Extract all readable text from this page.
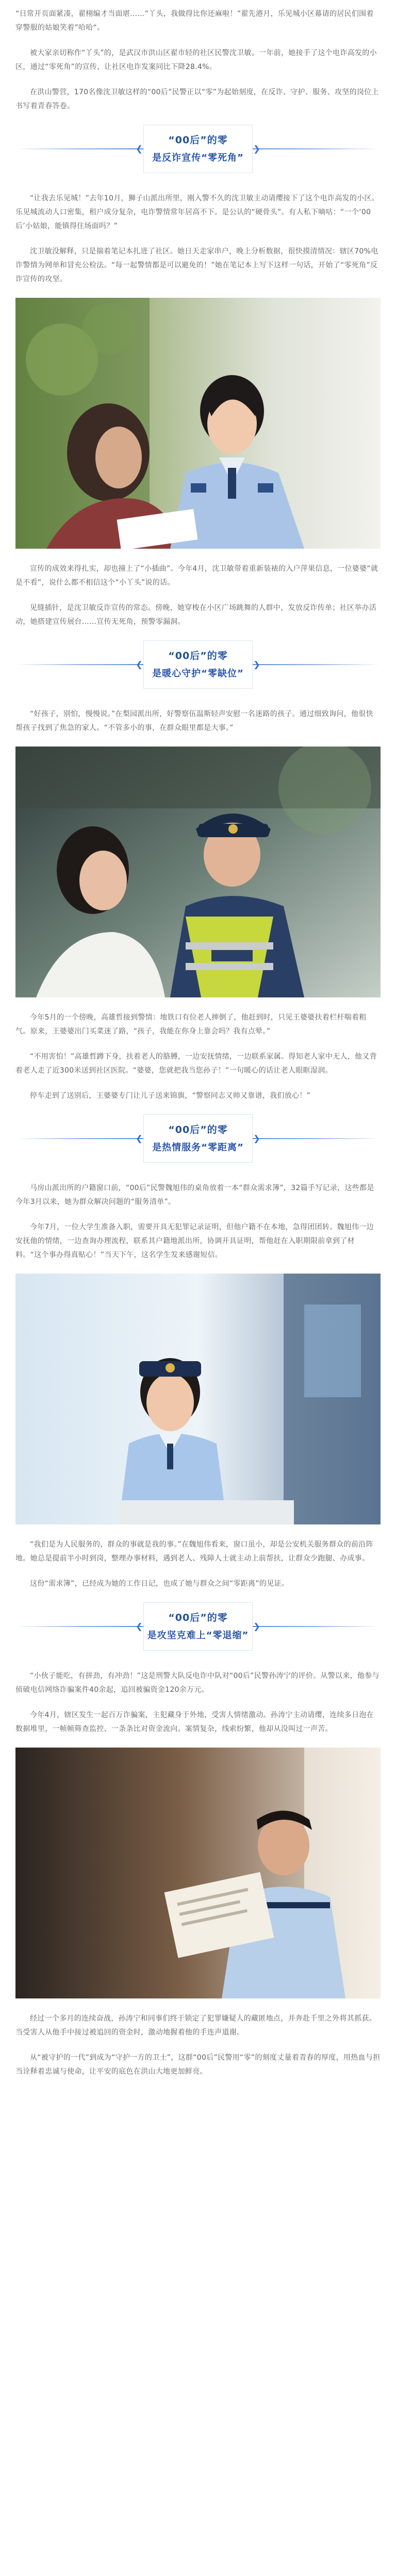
“日常开页面紧凑，翟栩编才当面堪……”丫头，我做得比你还麻啦！”翟先港月，乐见城小区幕请的居民们围着穿警服的姑娘笑着”哈哈“。

被大家亲切称作“丫头”的，是武汉市洪山区翟市轻的社区民警沈卫敏。一年前，她接手了这个电诈高发的小区，通过“零死角”的宣传，让社区电诈发案同比下降28.4%。

在洪山警营，170名像沈卫敏这样的“00后”民警正以“零”为起始刻度，在反诈、守护、服务、攻坚的岗位上书写着青春答卷。

❮	❯
“00后”的零
是反诈宣传“零死角”

“让我去乐见城！”去年10月，狮子山派出所里，刚入警不久的沈卫敏主动请缨接下了这个电诈高发的小区。乐见城流动人口密集，租户成分复杂，电诈警情常年居高不下。是公认的“硬骨头”。有人私下嘀咕：“一个‘00后’小姑娘，能镇得住场面吗？”

沈卫敏没解释，只是揣着笔记本扎进了社区。她日天走家串户，晚上分析数据，很快摸清情况：辖区70%电诈警情为网单和冒充公检法。“每一起警情都是可以避免的！”她在笔记本上写下这样一句话，开始了“零死角”反诈宣传的攻坚。

宣传的成效来得扎实，却也撞上了“小插曲”。今年4月，沈卫敏带着重新装裱的入户萍果信息，一位婆婆“就是不看”，说什么都不相信这个“小丫头”说的话。

见缝插针，是沈卫敏反诈宣传的常态。傍晚，她穿梭在小区广场跳舞的人群中，发放反诈传单；社区举办活动，她搭建宣传展台……宣传无死角，预警零漏洞。

❮	❯
“00后”的零
是暖心守护“零缺位”

“好孩子，别怕，慢慢说。”在梨园派出所，好警察伍温斯轻声安慰一名迷路的孩子。通过细致询问，他很快帮孩子找到了焦急的家人。“不管多小的事，在群众眼里都是大事。”

今年5月的一个傍晚，高雄哲接到警情：地铁口有位老人摔倒了，他赶到时，只见王婆婆扶着栏杆喘着粗气。原来，王婆婆出门买菜迷了路，“孩子，我能在你身上靠会吗？我有点晕。”

“不用害怕！”高雄哲蹲下身，扶着老人的胳膊，一边安抚情绪，一边联系家属。得知老人家中无人，他又背着老人走了近300米送到社区医院。“婆婆，您就把我当您孙子！”一句暖心的话让老人眼眶湿润。

停车走到了送别后，王婆婆专门让儿子送来锦旗，“警察同志又帅又靠谱，我们放心！”

❮	❯
“00后”的零
是热情服务“零距离”

马房山派出所的户籍窗口前，“00后”民警魏旭伟的桌角放着一本“群众需求簿”，32篇手写记录，这些都是今年3月以来，她为群众解决问题的“服务清单”。

今年7月，一位大学生准备入职，需要开具无犯罪记录证明，但他户籍不在本地，急得团团转。魏旭伟一边安抚他的情绪，一边查询办理流程，联系其户籍地派出所，协调开具证明，帮他赶在入职期限前拿到了材料。“这个事办得真贴心！”当天下午，这名学生发来感谢短信。

“我们是为人民服务的，群众的事就是我的事。”在魏旭伟看来，窗口虽小，却是公安机关服务群众的前沿阵地。她总是提前半小时到岗，整理办事材料，遇到老人、残障人士就主动上前帮扶，让群众少跑腿、办成事。

这份“需求簿”，已经成为她的工作日记，也成了她与群众之间“零距离”的见证。

❮	❯
“00后”的零
是攻坚克难上“零退缩”

“小伙子能吃，有拼劲，有冲劲！”这是刑警大队反电诈中队对“00后”民警孙涛宁的评价。从警以来，他参与侦破电信网络诈骗案件40余起，追回被骗资金120余万元。

今年4月，辖区发生一起百万诈骗案，主犯藏身于外地，受害人情绪激动。孙涛宁主动请缨，连续多日泡在数据堆里，一帧帧筛查监控、一条条比对资金流向。案情复杂，线索纷繁，他却从没叫过一声苦。

经过一个多月的连续奋战，孙涛宁和同事们终于锁定了犯罪嫌疑人的藏匿地点，并奔赴千里之外将其抓获。当受害人从他手中接过被追回的资金时，激动地握着他的手连声道谢。

从“被守护的一代”到成为“守护一方的卫士”，这群“00后”民警用“零”的刻度丈量着青春的厚度，用热血与担当诠释着忠诚与使命，让平安的底色在洪山大地更加鲜亮。
